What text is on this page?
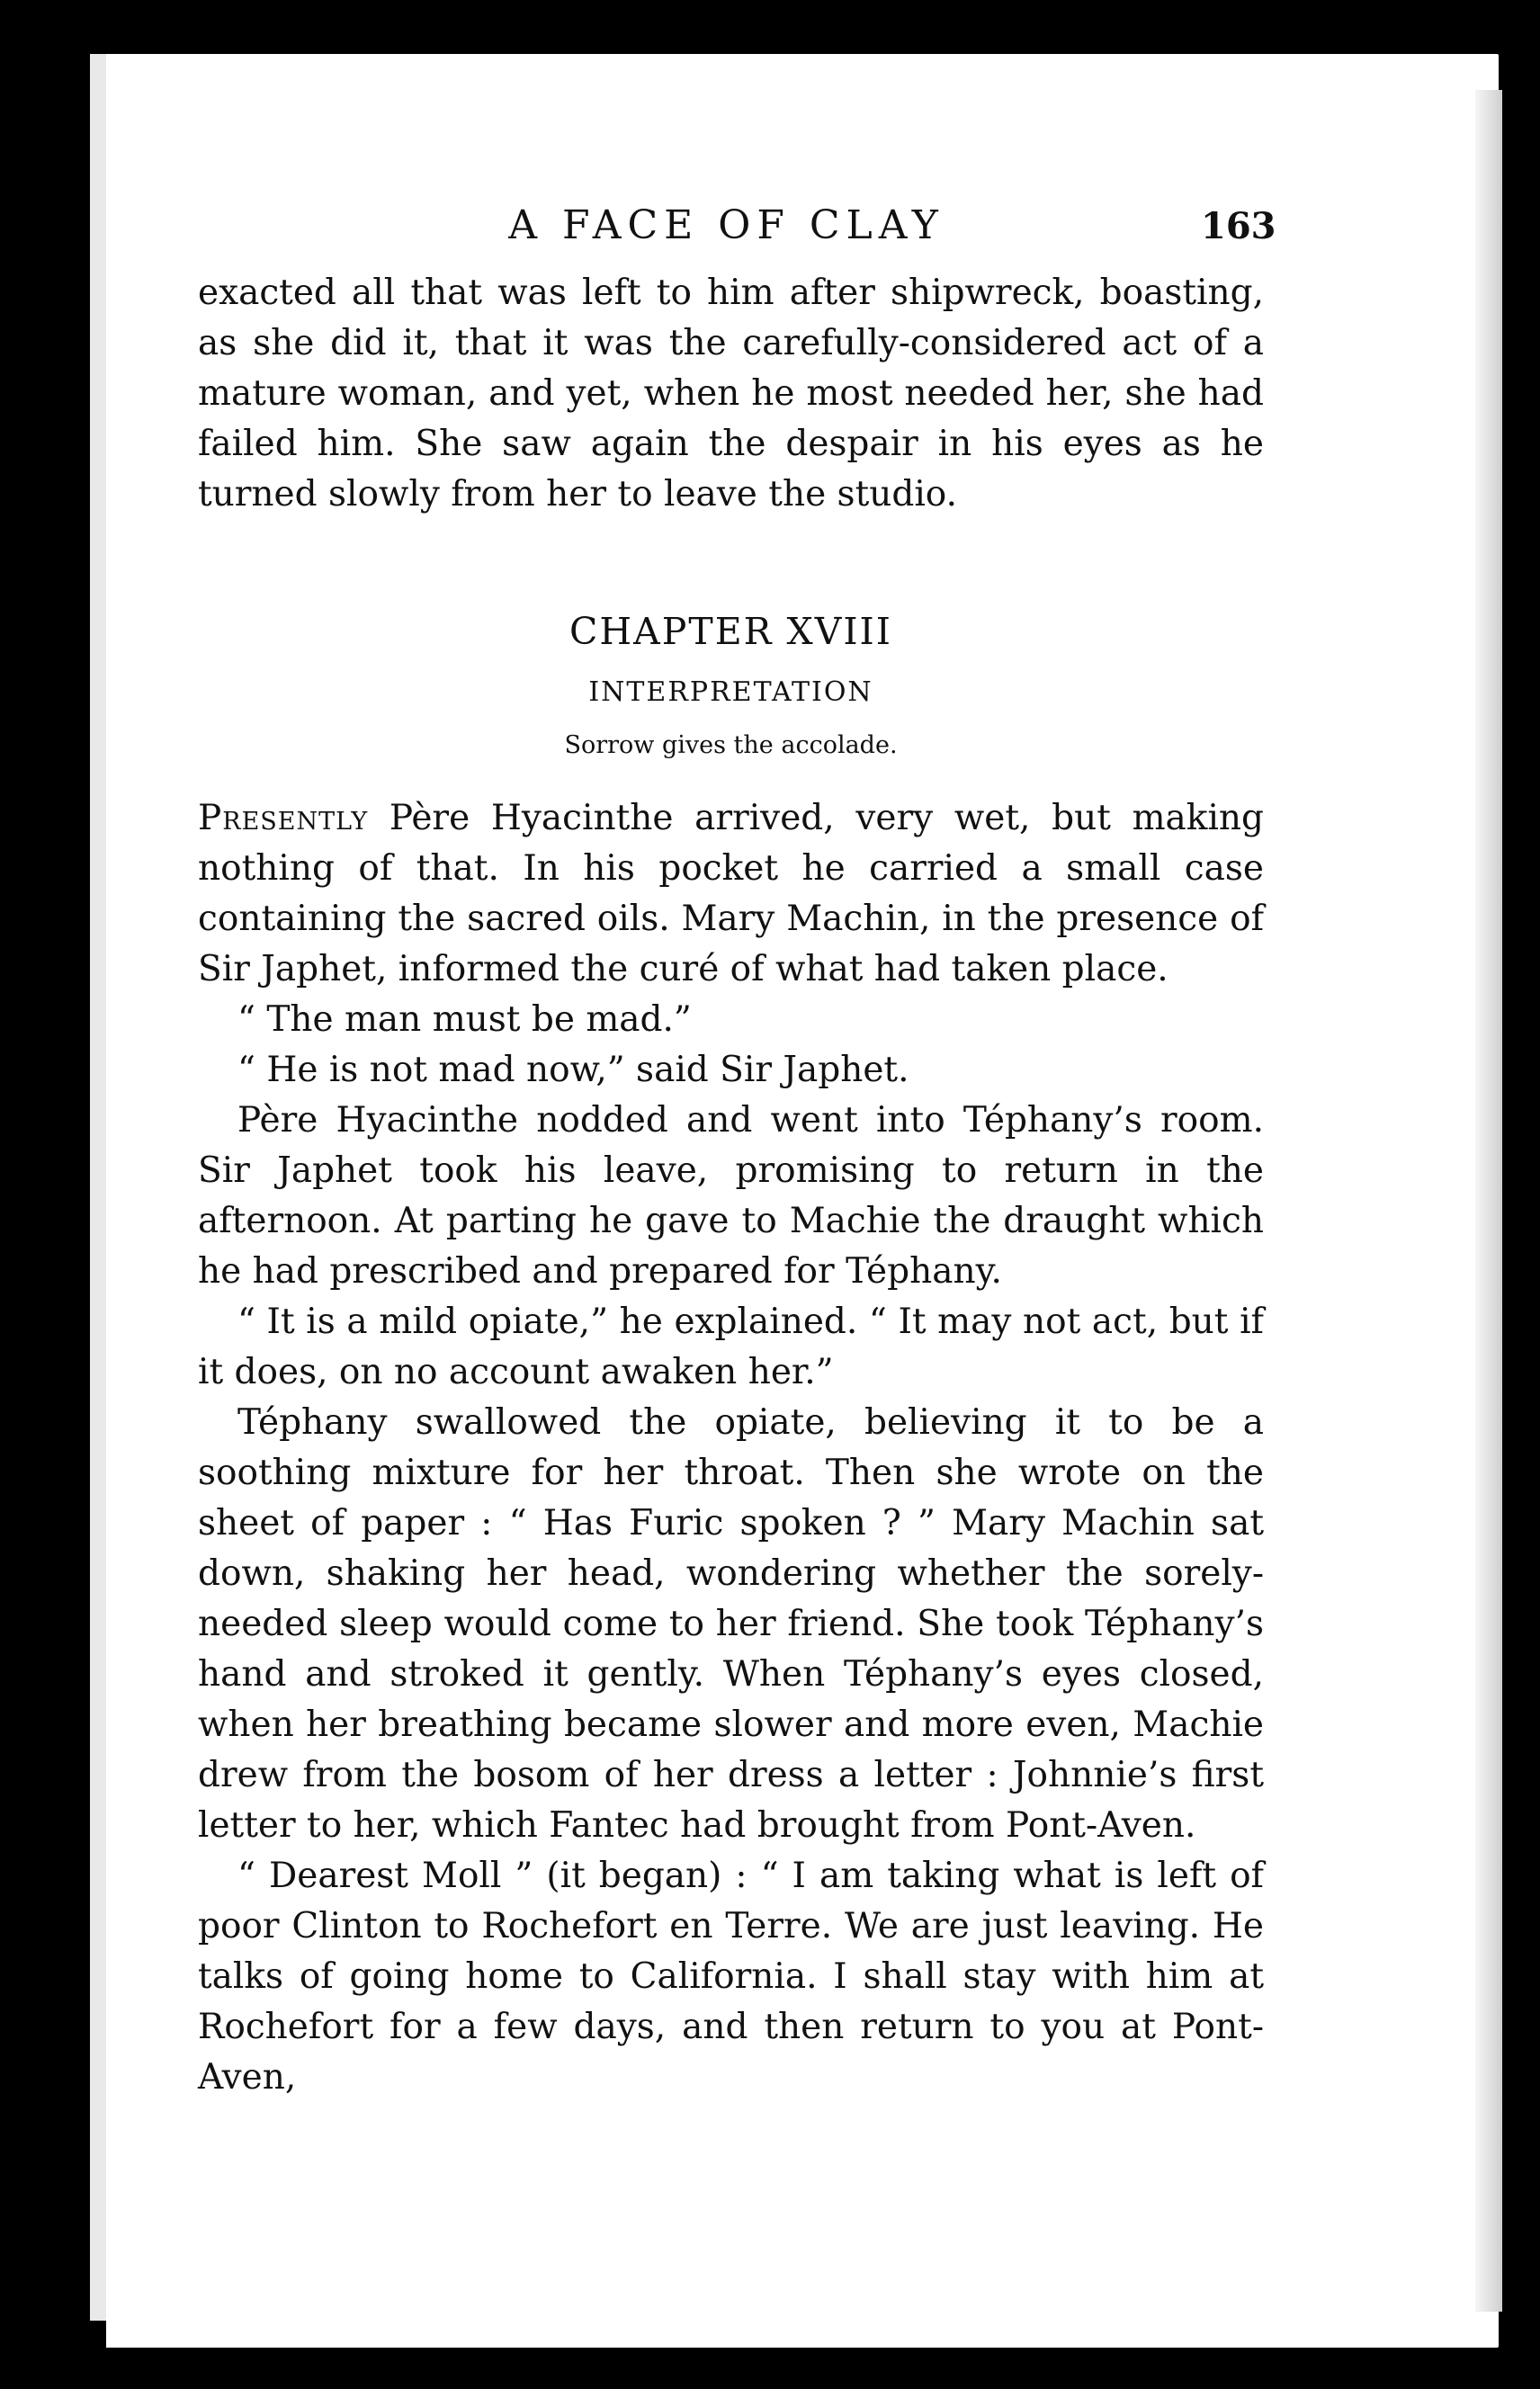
A FACE OF CLAY	163

exacted all that was left to him after shipwreck, boasting, as she did it, that it was the carefully-considered act of a mature woman, and yet, when he most needed her, she had failed him. She saw again the despair in his eyes as he turned slowly from her to leave the studio.

CHAPTER XVIII
INTERPRETATION
Sorrow gives the accolade.

Presently Père Hyacinthe arrived, very wet, but making nothing of that. In his pocket he carried a small case containing the sacred oils. Mary Machin, in the presence of Sir Japhet, informed the curé of what had taken place.

“ The man must be mad.”

“ He is not mad now,” said Sir Japhet.

Père Hyacinthe nodded and went into Téphany’s room. Sir Japhet took his leave, promising to return in the afternoon. At parting he gave to Machie the draught which he had prescribed and prepared for Téphany.

“ It is a mild opiate,” he explained. “ It may not act, but if it does, on no account awaken her.”

Téphany swallowed the opiate, believing it to be a soothing mixture for her throat. Then she wrote on the sheet of paper : “ Has Furic spoken ? ” Mary Machin sat down, shaking her head, wondering whether the sorely-needed sleep would come to her friend. She took Téphany’s hand and stroked it gently. When Téphany’s eyes closed, when her breathing became slower and more even, Machie drew from the bosom of her dress a letter : Johnnie’s first letter to her, which Fantec had brought from Pont-Aven.

“ Dearest Moll ” (it began) : “ I am taking what is left of poor Clinton to Rochefort en Terre. We are just leaving. He talks of going home to California. I shall stay with him at Rochefort for a few days, and then return to you at Pont-Aven,
